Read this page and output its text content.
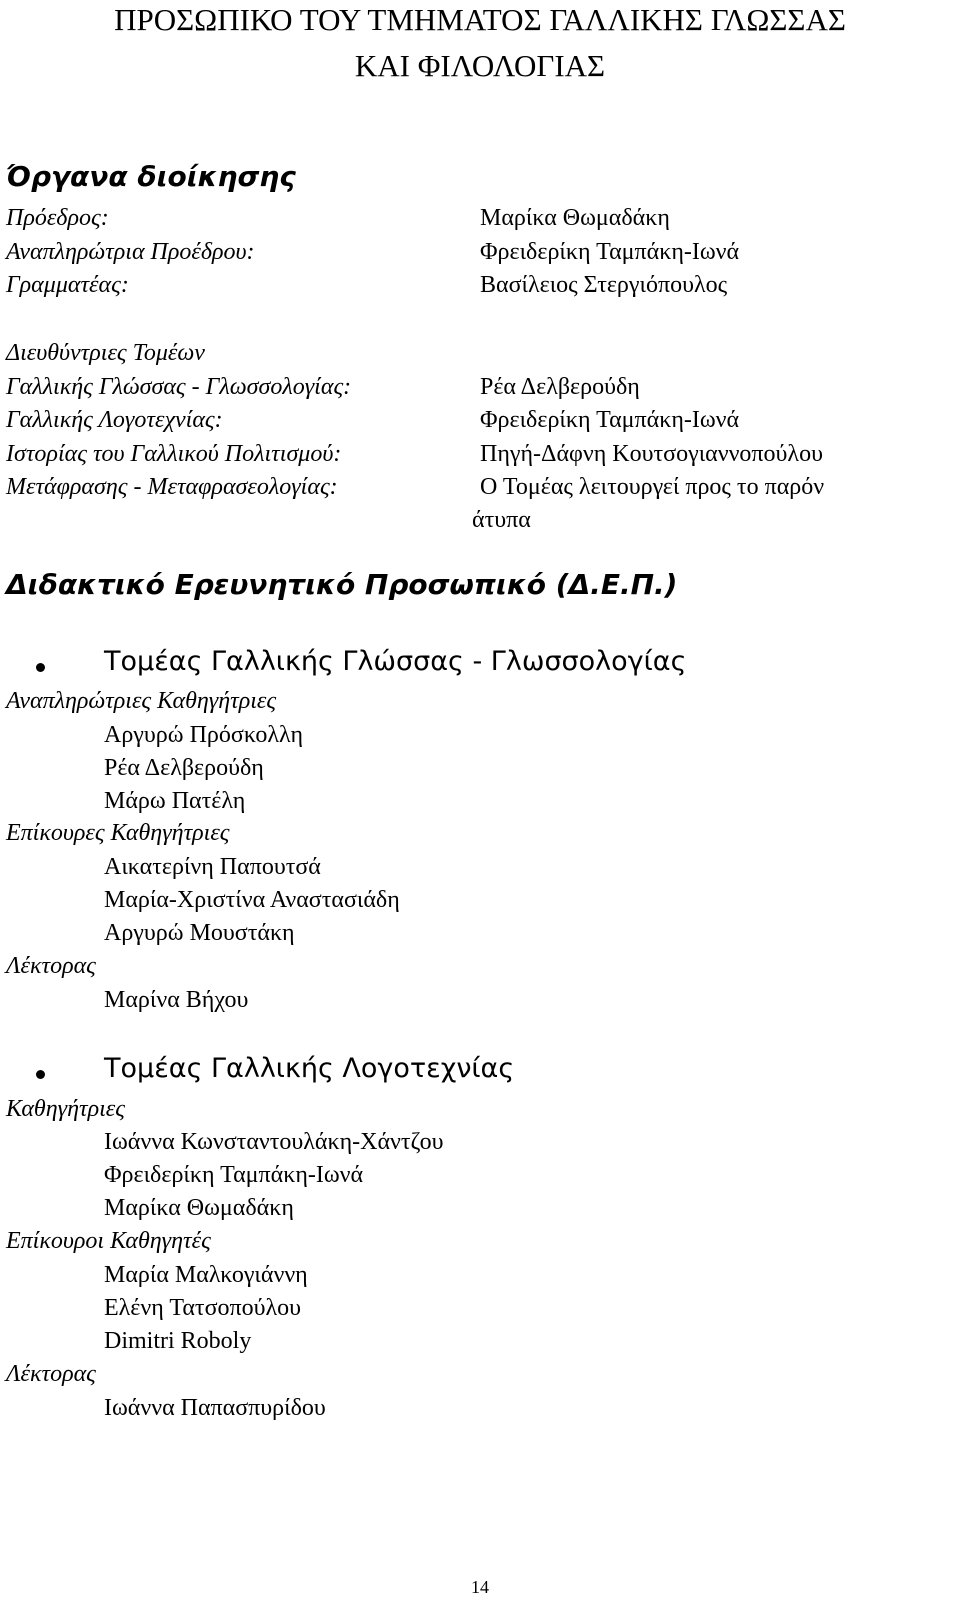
ΠΡΟΣΩΠΙΚΟ ΤΟΥ ΤΜΗΜΑΤΟΣ ΓΑΛΛΙΚΗΣ ΓΛΩΣΣΑΣ
ΚΑΙ ΦΙΛΟΛΟΓΙΑΣ
Όργανα διοίκησης
Πρόεδρος:	Μαρίκα Θωμαδάκη
Αναπληρώτρια Προέδρου:	Φρειδερίκη Ταμπάκη-Ιωνά
Γραμματέας:	Βασίλειος Στεργιόπουλος
Διευθύντριες Τομέων
Γαλλικής Γλώσσας - Γλωσσολογίας:	Ρέα Δελβερούδη
Γαλλικής Λογοτεχνίας:	Φρειδερίκη Ταμπάκη-Ιωνά
Ιστορίας του Γαλλικού Πολιτισμού:	Πηγή-Δάφνη Κουτσογιαννοπούλου
Μετάφρασης - Μεταφρασεολογίας:	Ο Τομέας λειτουργεί προς το παρόν
άτυπα
Διδακτικό Ερευνητικό Προσωπικό (Δ.Ε.Π.)
Τομέας Γαλλικής Γλώσσας - Γλωσσολογίας
Αναπληρώτριες Καθηγήτριες
Αργυρώ Πρόσκολλη
Ρέα Δελβερούδη
Μάρω Πατέλη
Επίκουρες Καθηγήτριες
Αικατερίνη Παπουτσά
Μαρία-Χριστίνα Αναστασιάδη
Αργυρώ Μουστάκη
Λέκτορας
Μαρίνα Βήχου
Τομέας Γαλλικής Λογοτεχνίας
Καθηγήτριες
Ιωάννα Κωνσταντουλάκη-Χάντζου
Φρειδερίκη Ταμπάκη-Ιωνά
Μαρίκα Θωμαδάκη
Επίκουροι Καθηγητές
Μαρία Μαλκογιάννη
Ελένη Τατσοπούλου
Dimitri Roboly
Λέκτορας
Ιωάννα Παπασπυρίδου
14
